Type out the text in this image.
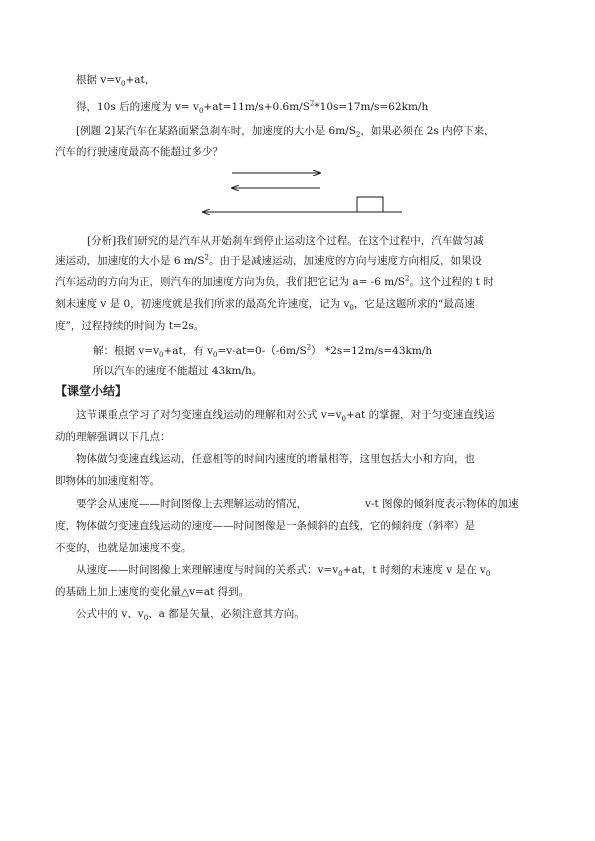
根据 $v=v_0+at$，
得，10s 后的速度为 $v= v_0+at=11m/s+0.6m/S^2*10s=17m/s=62km/h$
[例题 2]某汽车在某路面紧急刹车时，加速度的大小是 $6m/S_2$，如果必须在 2s 内停下来，
汽车的行驶速度最高不能超过多少？
[分析]我们研究的是汽车从开始刹车到停止运动这个过程。在这个过程中，汽车做匀减
速运动，加速度的大小是 6 $m/S^2$。由于是减速运动，加速度的方向与速度方向相反，如果设
汽车运动的方向为正，则汽车的加速度方向为负，我们把它记为 a= -6 $m/S^2$。这个过程的 t 时
刻末速度 v 是 0，初速度就是我们所求的最高允许速度，记为 $v_0$，它是这题所求的“最高速
度”，过程持续的时间为 t=2s。
解：根据 $v=v_0+at$，有 $v_0=v-at=0-(-6m/S^2)$ *2s=12m/s=43km/h
所以汽车的速度不能超过 43km/h。
【课堂小结】
这节课重点学习了对匀变速直线运动的理解和对公式 $v=v_0+at$ 的掌握，对于匀变速直线运
动的理解强调以下几点：
物体做匀变速直线运动，任意相等的时间内速度的增量相等，这里包括大小和方向，也
即物体的加速度相等。
要学会从速度——时间图像上去理解运动的情况，	v-t 图像的倾斜度表示物体的加速
度，物体做匀变速直线运动的速度——时间图像是一条倾斜的直线，它的倾斜度（斜率）是
不变的，也就是加速度不变。
从速度——时间图像上来理解速度与时间的关系式：$v=v_0+at$，t 时刻的末速度 v 是在 $v_0$
的基础上加上速度的变化量△v=at 得到。
公式中的 v、$v_0$、a 都是矢量，必须注意其方向。
